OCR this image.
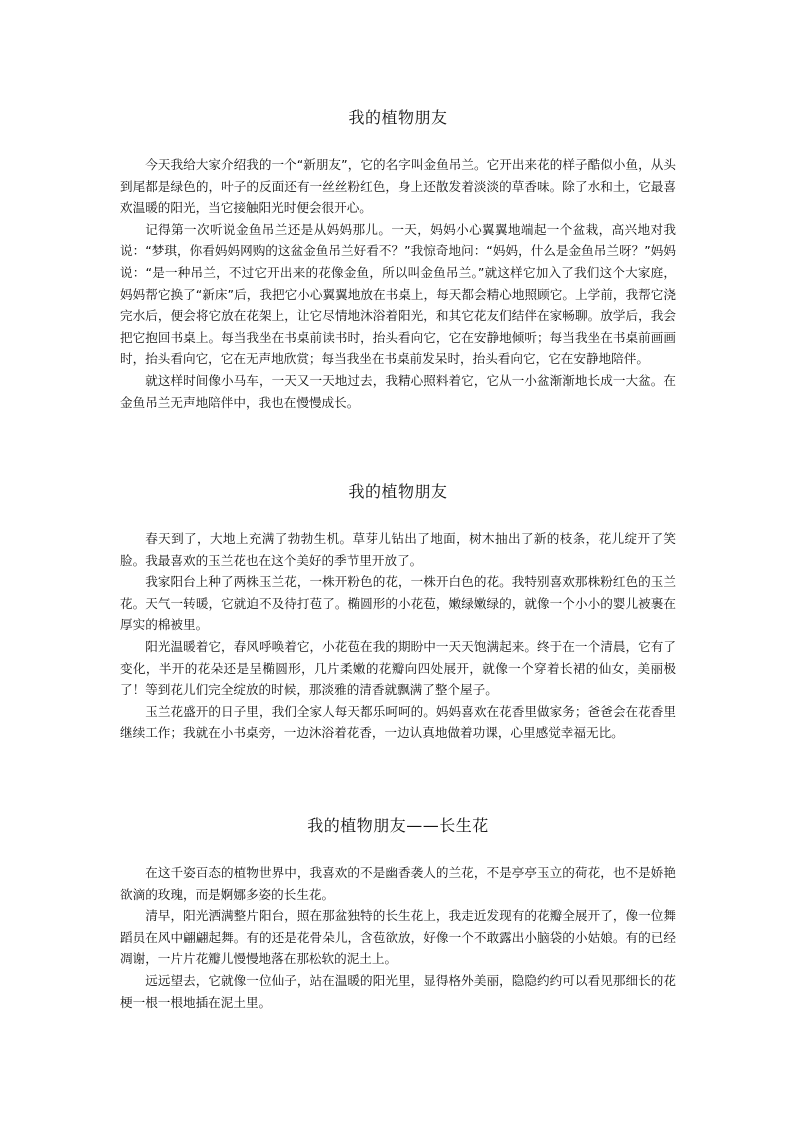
我的植物朋友

今天我给大家介绍我的一个“新朋友”，它的名字叫金鱼吊兰。它开出来花的样子酷似小鱼，从头到尾都是绿色的，叶子的反面还有一丝丝粉红色，身上还散发着淡淡的草香味。除了水和土，它最喜欢温暖的阳光，当它接触阳光时便会很开心。

记得第一次听说金鱼吊兰还是从妈妈那儿。一天，妈妈小心翼翼地端起一个盆栽，高兴地对我说：“梦琪，你看妈妈网购的这盆金鱼吊兰好看不？”我惊奇地问：“妈妈，什么是金鱼吊兰呀？”妈妈说：“是一种吊兰，不过它开出来的花像金鱼，所以叫金鱼吊兰。”就这样它加入了我们这个大家庭，妈妈帮它换了“新床”后，我把它小心翼翼地放在书桌上，每天都会精心地照顾它。上学前，我帮它浇完水后，便会将它放在花架上，让它尽情地沐浴着阳光，和其它花友们结伴在家畅聊。放学后，我会把它抱回书桌上。每当我坐在书桌前读书时，抬头看向它，它在安静地倾听；每当我坐在书桌前画画时，抬头看向它，它在无声地欣赏；每当我坐在书桌前发呆时，抬头看向它，它在安静地陪伴。

就这样时间像小马车，一天又一天地过去，我精心照料着它，它从一小盆渐渐地长成一大盆。在金鱼吊兰无声地陪伴中，我也在慢慢成长。

我的植物朋友

春天到了，大地上充满了勃勃生机。草芽儿钻出了地面，树木抽出了新的枝条，花儿绽开了笑脸。我最喜欢的玉兰花也在这个美好的季节里开放了。

我家阳台上种了两株玉兰花，一株开粉色的花，一株开白色的花。我特别喜欢那株粉红色的玉兰花。天气一转暖，它就迫不及待打苞了。椭圆形的小花苞，嫩绿嫩绿的，就像一个小小的婴儿被裹在厚实的棉被里。

阳光温暖着它，春风呼唤着它，小花苞在我的期盼中一天天饱满起来。终于在一个清晨，它有了变化，半开的花朵还是呈椭圆形，几片柔嫩的花瓣向四处展开，就像一个穿着长裙的仙女，美丽极了！等到花儿们完全绽放的时候，那淡雅的清香就飘满了整个屋子。

玉兰花盛开的日子里，我们全家人每天都乐呵呵的。妈妈喜欢在花香里做家务；爸爸会在花香里继续工作；我就在小书桌旁，一边沐浴着花香，一边认真地做着功课，心里感觉幸福无比。

我的植物朋友——长生花

在这千姿百态的植物世界中，我喜欢的不是幽香袭人的兰花，不是亭亭玉立的荷花，也不是娇艳欲滴的玫瑰，而是婀娜多姿的长生花。

清早，阳光洒满整片阳台，照在那盆独特的长生花上，我走近发现有的花瓣全展开了，像一位舞蹈员在风中翩翩起舞。有的还是花骨朵儿，含苞欲放，好像一个不敢露出小脑袋的小姑娘。有的已经凋谢，一片片花瓣儿慢慢地落在那松软的泥土上。

远远望去，它就像一位仙子，站在温暖的阳光里，显得格外美丽，隐隐约约可以看见那细长的花梗一根一根地插在泥土里。
